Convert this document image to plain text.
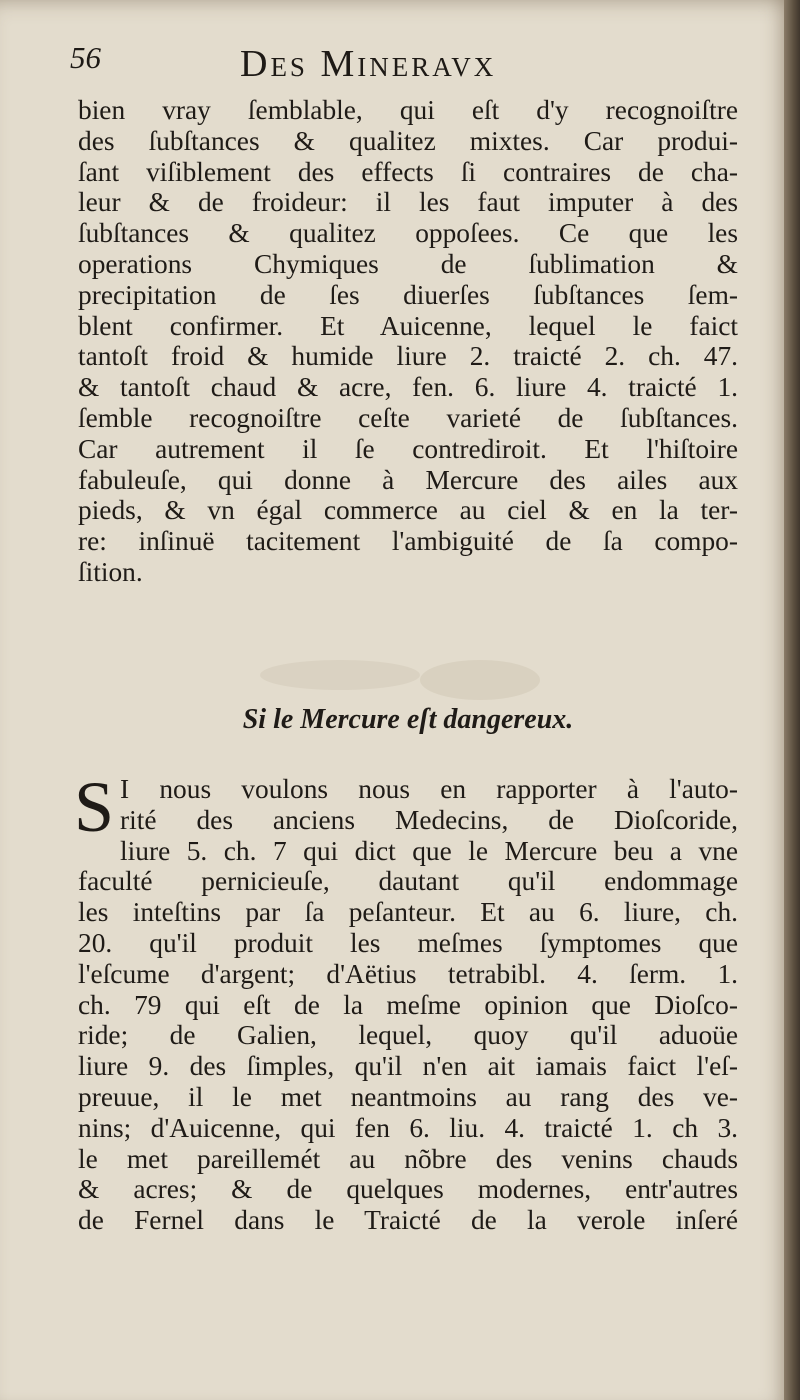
56	Des Mineravx
bien vray ſemblable, qui eſt d'y recognoiſtre
des ſubſtances & qualitez mixtes. Car produi-
ſant viſiblement des effects ſi contraires de cha-
leur & de froideur: il les faut imputer à des
ſubſtances & qualitez oppoſees. Ce que les
operations Chymiques de ſublimation &
precipitation de ſes diuerſes ſubſtances ſem-
blent confirmer. Et Auicenne, lequel le faict
tantoſt froid & humide liure 2. traicté 2. ch. 47.
& tantoſt chaud & acre, fen. 6. liure 4. traicté 1.
ſemble recognoiſtre ceſte varieté de ſubſtances.
Car autrement il ſe contrediroit. Et l'hiſtoire
fabuleuſe, qui donne à Mercure des ailes aux
pieds, & vn égal commerce au ciel & en la ter-
re: inſinuë tacitement l'ambiguité de ſa compo-
ſition.
Si le Mercure eſt dangereux.
S I nous voulons nous en rapporter à l'auto-
rité des anciens Medecins, de Dioſcoride,
liure 5. ch. 7 qui dict que le Mercure beu a vne
faculté pernicieuſe, dautant qu'il endommage
les inteſtins par ſa peſanteur. Et au 6. liure, ch.
20. qu'il produit les meſmes ſymptomes que
l'eſcume d'argent; d'Aëtius tetrabibl. 4. ſerm. 1.
ch. 79 qui eſt de la meſme opinion que Dioſco-
ride; de Galien, lequel, quoy qu'il aduoüe
liure 9. des ſimples, qu'il n'en ait iamais faict l'eſ-
preuue, il le met neantmoins au rang des ve-
nins; d'Auicenne, qui fen 6. liu. 4. traicté 1. ch 3.
le met pareillemét au nõbre des venins chauds
& acres; & de quelques modernes, entr'autres
de Fernel dans le Traicté de la verole inſeré
